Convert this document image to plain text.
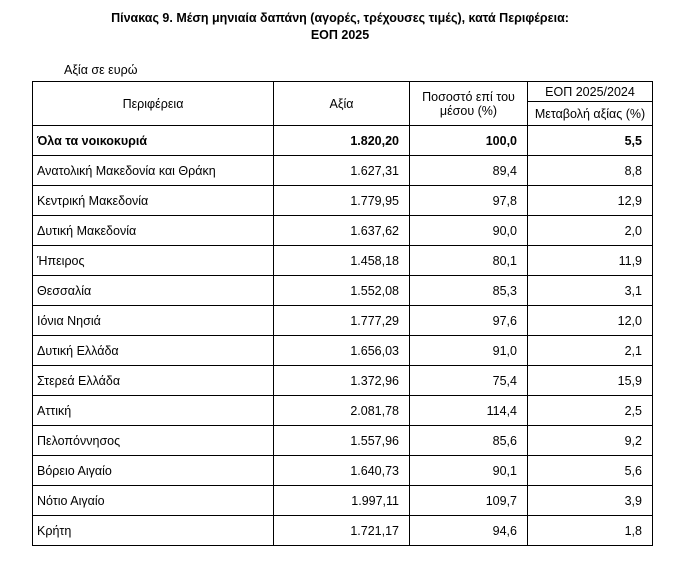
Πίνακας 9. Μέση μηνιαία δαπάνη (αγορές, τρέχουσες τιμές), κατά Περιφέρεια:
ΕΟΠ 2025
Αξία σε ευρώ
Περιφέρεια	Αξία	Ποσοστό επί του μέσου (%)	ΕΟΠ 2025/2024
			Μεταβολή αξίας (%)
Όλα τα νοικοκυριά	1.820,20	100,0	5,5
Ανατολική Μακεδονία και Θράκη	1.627,31	89,4	8,8
Κεντρική Μακεδονία	1.779,95	97,8	12,9
Δυτική Μακεδονία	1.637,62	90,0	2,0
Ήπειρος	1.458,18	80,1	11,9
Θεσσαλία	1.552,08	85,3	3,1
Ιόνια Νησιά	1.777,29	97,6	12,0
Δυτική Ελλάδα	1.656,03	91,0	2,1
Στερεά Ελλάδα	1.372,96	75,4	15,9
Αττική	2.081,78	114,4	2,5
Πελοπόννησος	1.557,96	85,6	9,2
Βόρειο Αιγαίο	1.640,73	90,1	5,6
Νότιο Αιγαίο	1.997,11	109,7	3,9
Κρήτη	1.721,17	94,6	1,8
